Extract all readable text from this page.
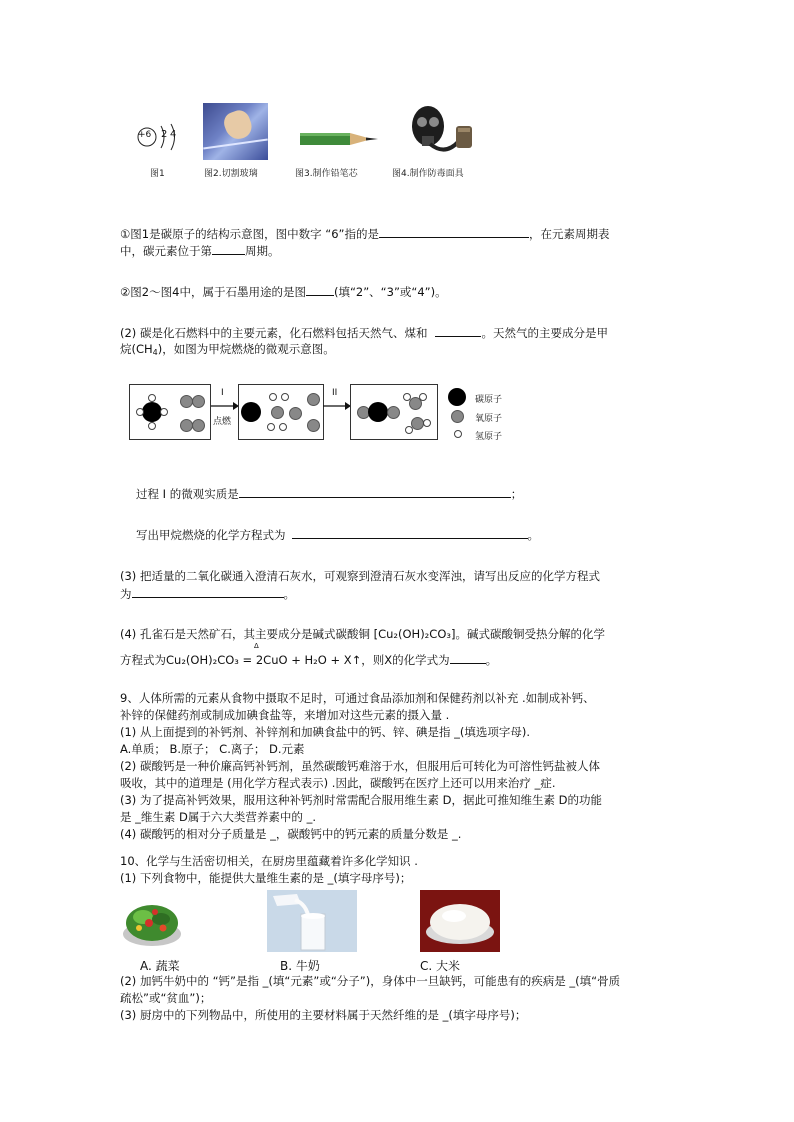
+6 2 4
图1	图2.切割玻璃	图3.制作铅笔芯	图4.制作防毒面具
①图1是碳原子的结构示意图，图中数字 “6”指的是	，在元素周期表
中，碳元素位于第	周期。
②图2～图4中，属于石墨用途的是图 (填“2”、“3”或“4”)。
(2) 碳是化石燃料中的主要元素，化石燃料包括天然气、煤和	。天然气的主要成分是甲
烷$(CH_4)$，如图为甲烷燃烧的微观示意图。
I
点燃
II
碳原子
氧原子
氢原子
过程 I 的微观实质是	；
写出甲烷燃烧的化学方程式为	。
(3) 把适量的二氧化碳通入澄清石灰水，可观察到澄清石灰水变浑浊，请写出反应的化学方程式
为	。
(4) 孔雀石是天然矿石，其主要成分是碱式碳酸铜 [Cu₂(OH)₂CO₃]。碱式碳酸铜受热分解的化学
Δ
方程式为Cu₂(OH)₂CO₃ = 2CuO + H₂O + X↑，则X的化学式为	。
9、人体所需的元素从食物中摄取不足时，可通过食品添加剂和保健药剂以补充 .如制成补钙、
补锌的保健药剂或制成加碘食盐等，来增加对这些元素的摄入量 .
(1) 从上面提到的补钙剂、补锌剂和加碘食盐中的钙、锌、碘是指 _(填选项字母).
A.单质； B.原子； C.离子； D.元素
(2) 碳酸钙是一种价廉高钙补钙剂，虽然碳酸钙难溶于水，但服用后可转化为可溶性钙盐被人体
吸收，其中的道理是 (用化学方程式表示) .因此，碳酸钙在医疗上还可以用来治疗 _症.
(3) 为了提高补钙效果，服用这种补钙剂时常需配合服用维生素 D，据此可推知维生素 D的功能
是 _维生素 D属于六大类营养素中的 _.
(4) 碳酸钙的相对分子质量是 _，碳酸钙中的钙元素的质量分数是 _.
10、化学与生活密切相关，在厨房里蕴藏着许多化学知识 .
(1) 下列食物中，能提供大量维生素的是 _(填字母序号)；
A. 蔬菜	B. 牛奶	C. 大米
(2) 加钙牛奶中的 “钙”是指 _(填“元素”或“分子”)，身体中一旦缺钙，可能患有的疾病是 _(填“骨质
疏松”或“贫血”)；
(3) 厨房中的下列物品中，所使用的主要材料属于天然纤维的是 _(填字母序号)；
